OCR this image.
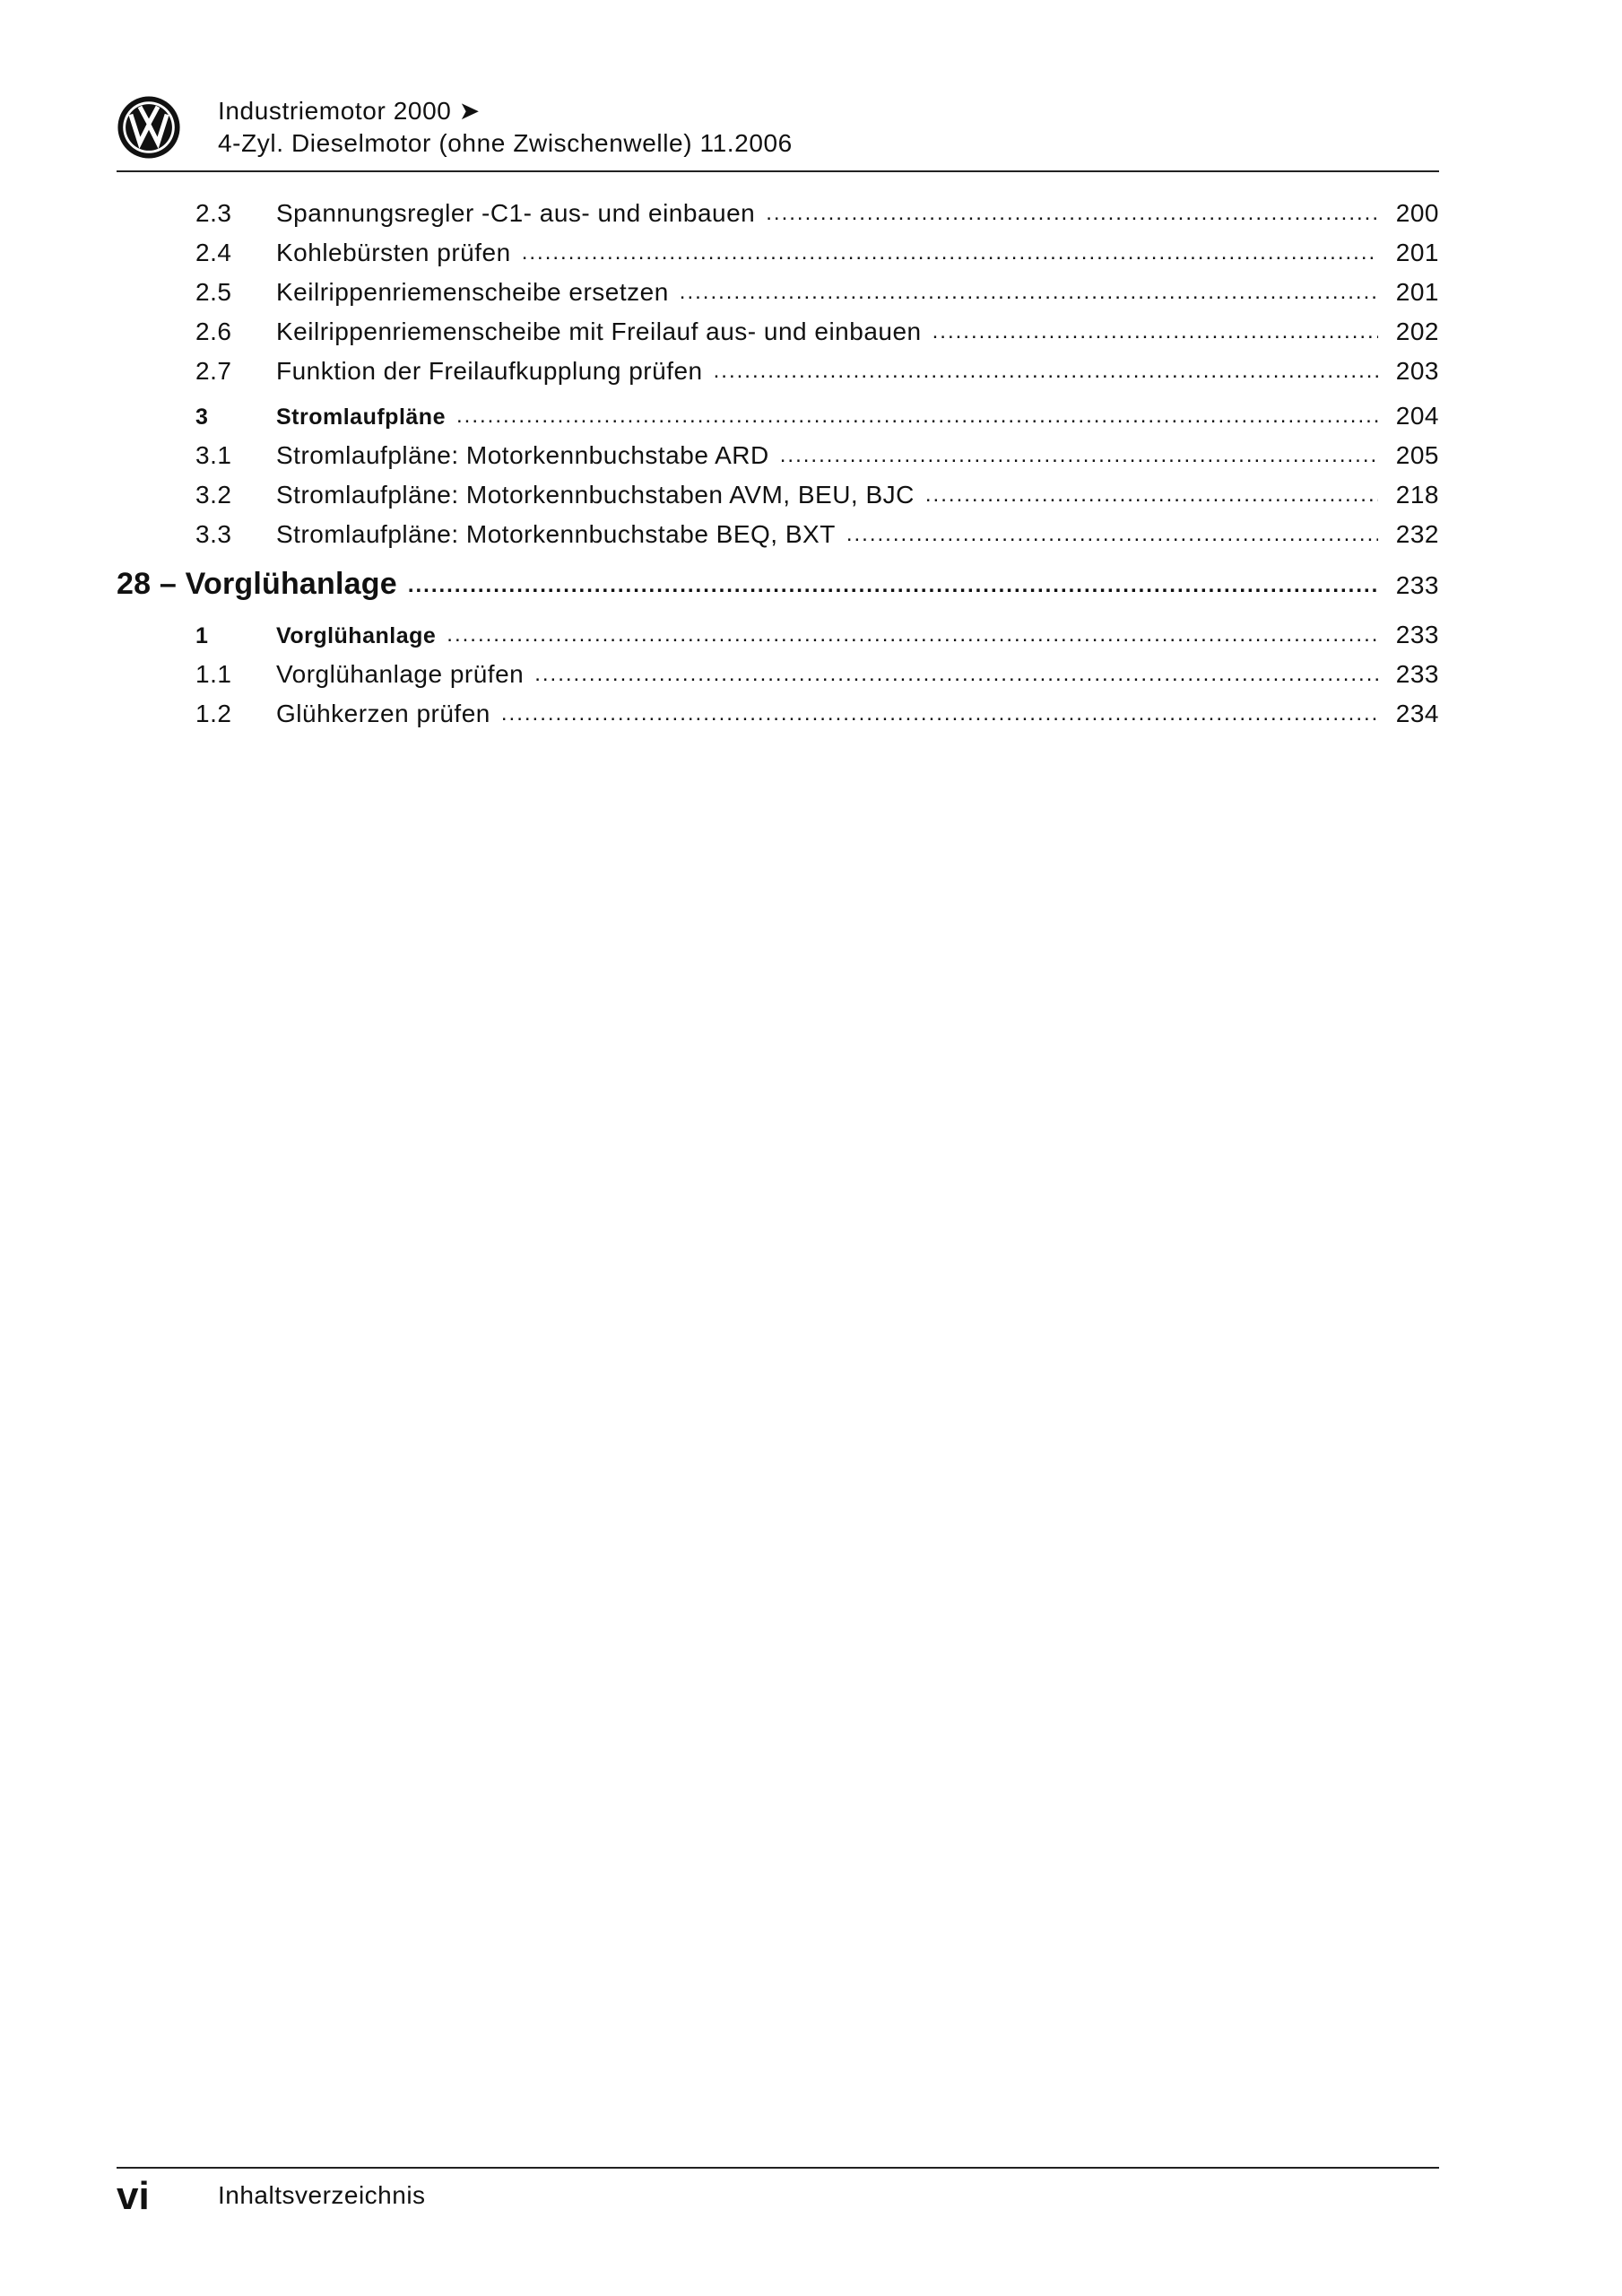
Industriemotor 2000 ➤
4-Zyl. Dieselmotor (ohne Zwischenwelle) 11.2006
2.3	Spannungsregler -C1- aus- und einbauen .....	200
2.4	Kohlebürsten prüfen .....	201
2.5	Keilrippenriemenscheibe ersetzen .....	201
2.6	Keilrippenriemenscheibe mit Freilauf aus- und einbauen .....	202
2.7	Funktion der Freilaufkupplung prüfen .....	203
3	Stromlaufpläne .....	204
3.1	Stromlaufpläne: Motorkennbuchstabe ARD .....	205
3.2	Stromlaufpläne: Motorkennbuchstaben AVM, BEU, BJC .....	218
3.3	Stromlaufpläne: Motorkennbuchstabe BEQ, BXT .....	232
28 – Vorglühanlage .....	233
1	Vorglühanlage .....	233
1.1	Vorglühanlage prüfen .....	233
1.2	Glühkerzen prüfen .....	234
vi	Inhaltsverzeichnis
